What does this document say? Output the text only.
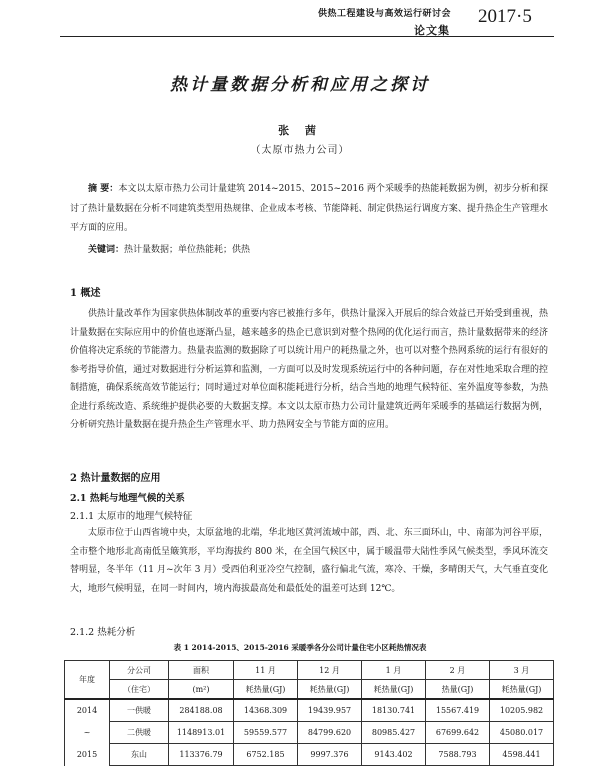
供热工程建设与高效运行研讨会 2017·5
论文集
热计量数据分析和应用之探讨
张 茜
（太原市热力公司）

摘 要：本文以太原市热力公司计量建筑 2014~2015、2015~2016 两个采暖季的热能耗数据为例，初步分析和探讨了热计量数据在分析不同建筑类型用热规律、企业成本考核、节能降耗、制定供热运行调度方案、提升热企生产管理水平方面的应用。

关键词：热计量数据；单位热能耗；供热
1 概述

供热计量改革作为国家供热体制改革的重要内容已被推行多年，供热计量深入开展后的综合效益已开始受到重视，热计量数据在实际应用中的价值也逐渐凸显，越来越多的热企已意识到对整个热网的优化运行而言，热计量数据带来的经济价值将决定系统的节能潜力。热量表监测的数据除了可以统计用户的耗热量之外，也可以对整个热网系统的运行有很好的参考指导价值，通过对数据进行分析运算和监测，一方面可以及时发现系统运行中的各种问题，存在对性地采取合理的控制措施，确保系统高效节能运行；同时通过对单位面积能耗进行分析，结合当地的地理气候特征、室外温度等参数，为热企进行系统改造、系统维护提供必要的大数据支撑。本文以太原市热力公司计量建筑近两年采暖季的基础运行数据为例，分析研究热计量数据在提升热企生产管理水平、助力热网安全与节能方面的应用。

2 热计量数据的应用
2.1 热耗与地理气候的关系
2.1.1 太原市的地理气候特征

太原市位于山西省境中央，太原盆地的北端，华北地区黄河流域中部，西、北、东三面环山，中、南部为河谷平原，全市整个地形北高南低呈簸箕形，平均海拔约 800 米，在全国气候区中，属于暖温带大陆性季风气候类型，季风环流交替明显，冬半年（11 月~次年 3 月）受西伯利亚冷空气控制，盛行偏北气流，寒冷、干燥，多晴朗天气，大气垂直变化大，地形气候明显，在同一时间内，境内海拔最高处和最低处的温差可达到 12℃。

2.1.2 热耗分析
表 1 2014-2015、2015-2016 采暖季各分公司计量住宅小区耗热情况表
年度	分公司	面积	11 月	12 月	1 月	2 月	3 月
	（住宅）	(m²)	耗热量(GJ)	耗热量(GJ)	耗热量(GJ)	热量(GJ)	耗热量(GJ)
2014	一供暖	284188.08	14368.309	19439.957	18130.741	15567.419	10205.982
~	二供暖	1148913.01	59559.577	84799.620	80985.427	67699.642	45080.017
2015	东山	113376.79	6752.185	9997.376	9143.402	7588.793	4598.441
